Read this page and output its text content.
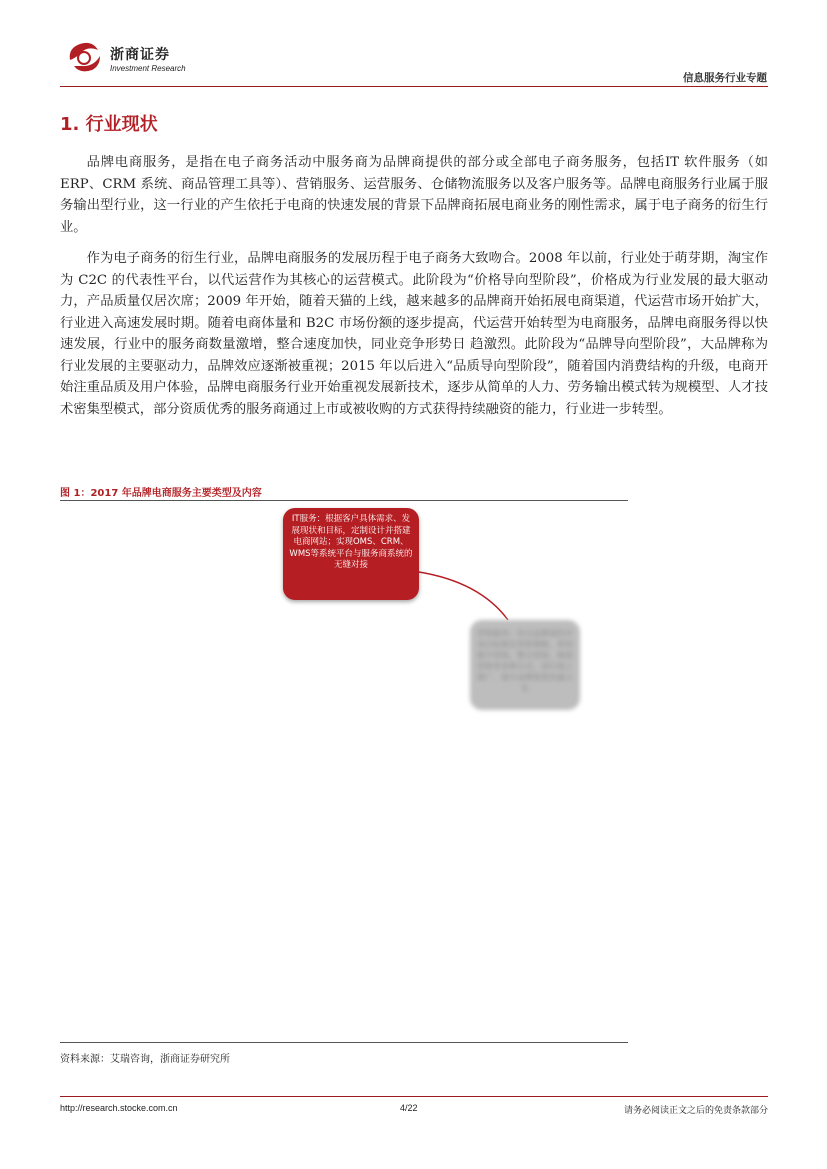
浙商证券
Investment Research
信息服务行业专题
1. 行业现状

品牌电商服务，是指在电子商务活动中服务商为品牌商提供的部分或全部电子商务服务，包括IT 软件服务（如 ERP、CRM 系统、商品管理工具等）、营销服务、运营服务、仓储物流服务以及客户服务等。品牌电商服务行业属于服务输出型行业，这一行业的产生依托于电商的快速发展的背景下品牌商拓展电商业务的刚性需求，属于电子商务的衍生行业。

作为电子商务的衍生行业，品牌电商服务的发展历程于电子商务大致吻合。2008 年以前，行业处于萌芽期，淘宝作为 C2C 的代表性平台，以代运营作为其核心的运营模式。此阶段为“价格导向型阶段”，价格成为行业发展的最大驱动力，产品质量仅居次席；2009 年开始，随着天猫的上线，越来越多的品牌商开始拓展电商渠道，代运营市场开始扩大，行业进入高速发展时期。随着电商体量和 B2C 市场份额的逐步提高，代运营开始转型为电商服务，品牌电商服务得以快速发展，行业中的服务商数量激增，整合速度加快，同业竞争形势日 趋激烈。此阶段为“品牌导向型阶段”，大品牌称为行业发展的主要驱动力，品牌效应逐渐被重视；2015 年以后进入“品质导向型阶段”，随着国内消费结构的升级，电商开始注重品质及用户体验，品牌电商服务行业开始重视发展新技术，逐步从简单的人力、劳务输出模式转为规模型、人才技术密集型模式，部分资质优秀的服务商通过上市或被收购的方式获得持续融资的能力，行业进一步转型。

图 1：2017 年品牌电商服务主要类型及内容
IT服务：根据客户具体需求、发展现状和目标，定制设计并搭建电商网站；实现OMS、CRM、WMS等系统平台与服务商系统的无缝对接
营销服务：结合品牌商的市场目标制定营销策略，利用数字营销、整合营销、精准营销等多种方式，进行线上推广，提升品牌销售的最大化
资料来源：艾瑞咨询，浙商证券研究所
http://research.stocke.com.cn	4/22	请务必阅读正文之后的免责条款部分
